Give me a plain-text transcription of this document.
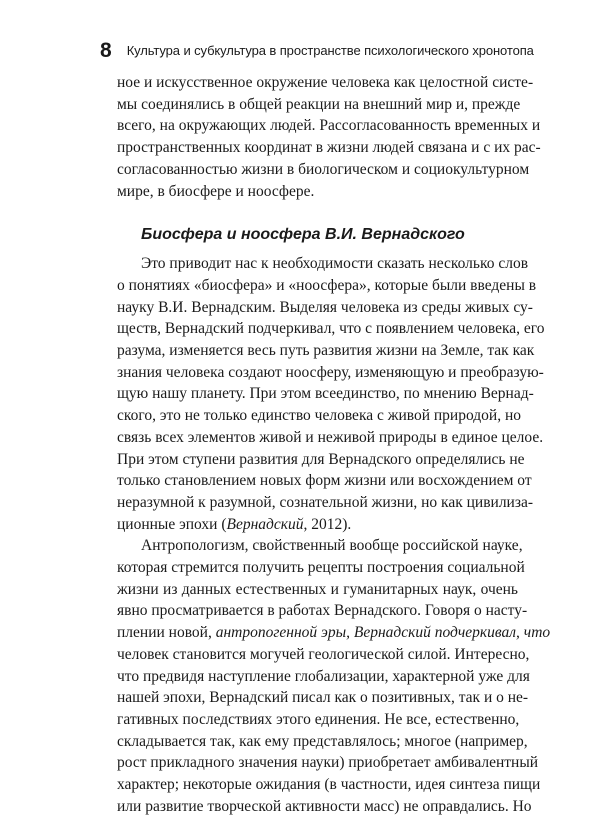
8 Культура и субкультура в пространстве психологического хронотопа

ное и искусственное окружение человека как целостной систе-
мы соединялись в общей реакции на внешний мир и, прежде
всего, на окружающих людей. Рассогласованность временных и
пространственных координат в жизни людей связана и с их рас-
согласованностью жизни в биологическом и социокультурном
мире, в биосфере и ноосфере.

Биосфера и ноосфера В.И. Вернадского

Это приводит нас к необходимости сказать несколько слов
о понятиях «биосфера» и «ноосфера», которые были введены в
науку В.И. Вернадским. Выделяя человека из среды живых су-
ществ, Вернадский подчеркивал, что с появлением человека, его
разума, изменяется весь путь развития жизни на Земле, так как
знания человека создают ноосферу, изменяющую и преобразую-
щую нашу планету. При этом всеединство, по мнению Вернад-
ского, это не только единство человека с живой природой, но
связь всех элементов живой и неживой природы в единое целое.
При этом ступени развития для Вернадского определялись не
только становлением новых форм жизни или восхождением от
неразумной к разумной, сознательной жизни, но как цивилиза-
ционные эпохи (Вернадский, 2012).

Антропологизм, свойственный вообще российской науке,
которая стремится получить рецепты построения социальной
жизни из данных естественных и гуманитарных наук, очень
явно просматривается в работах Вернадского. Говоря о насту-
плении новой, антропогенной эры, Вернадский подчеркивал, что
человек становится могучей геологической силой. Интересно,
что предвидя наступление глобализации, характерной уже для
нашей эпохи, Вернадский писал как о позитивных, так и о не-
гативных последствиях этого единения. Не все, естественно,
складывается так, как ему представлялось; многое (например,
рост прикладного значения науки) приобретает амбивалентный
характер; некоторые ожидания (в частности, идея синтеза пищи
или развитие творческой активности масс) не оправдались. Но
